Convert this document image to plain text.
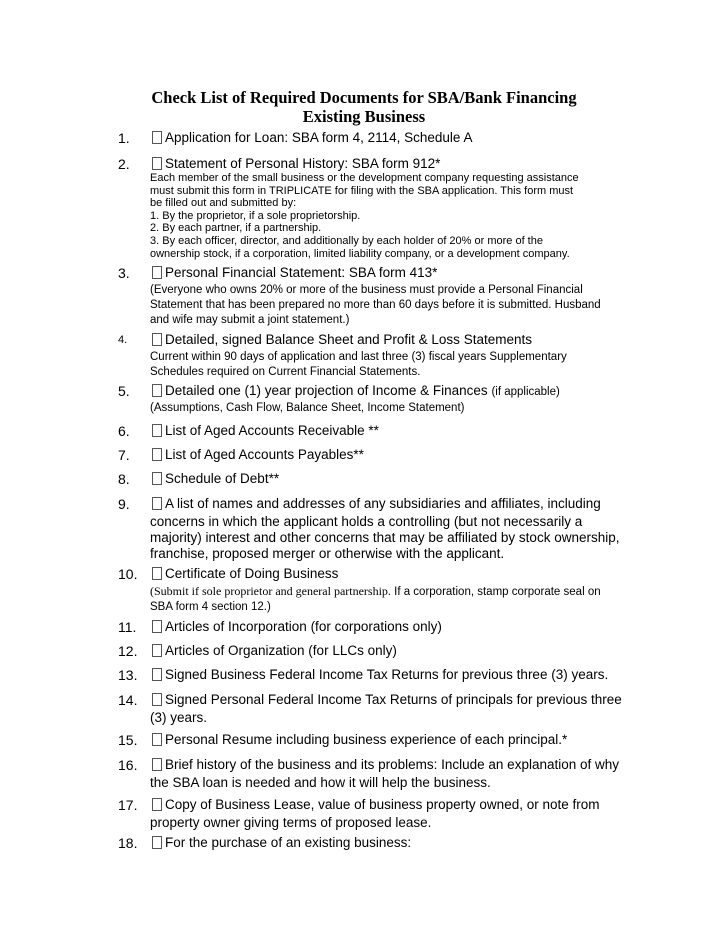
Check List of Required Documents for SBA/Bank Financing
Existing Business
1.	Application for Loan: SBA form 4, 2114, Schedule A
2.	Statement of Personal History: SBA form 912*
Each member of the small business or the development company requesting assistance
must submit this form in TRIPLICATE for filing with the SBA application. This form must
be filled out and submitted by:
1. By the proprietor, if a sole proprietorship.
2. By each partner, if a partnership.
3. By each officer, director, and additionally by each holder of 20% or more of the
ownership stock, if a corporation, limited liability company, or a development company.
3.	Personal Financial Statement: SBA form 413*
(Everyone who owns 20% or more of the business must provide a Personal Financial
Statement that has been prepared no more than 60 days before it is submitted. Husband
and wife may submit a joint statement.)
4.	Detailed, signed Balance Sheet and Profit & Loss Statements
Current within 90 days of application and last three (3) fiscal years Supplementary
Schedules required on Current Financial Statements.
5.	Detailed one (1) year projection of Income & Finances (if applicable)
(Assumptions, Cash Flow, Balance Sheet, Income Statement)
6.	List of Aged Accounts Receivable **
7.	List of Aged Accounts Payables**
8.	Schedule of Debt**
9.	A list of names and addresses of any subsidiaries and affiliates, including
concerns in which the applicant holds a controlling (but not necessarily a
majority) interest and other concerns that may be affiliated by stock ownership,
franchise, proposed merger or otherwise with the applicant.
10. Certificate of Doing Business
(Submit if sole proprietor and general partnership. If a corporation, stamp corporate seal on
SBA form 4 section 12.)
11. Articles of Incorporation (for corporations only)
12. Articles of Organization (for LLCs only)
13. Signed Business Federal Income Tax Returns for previous three (3) years.
14. Signed Personal Federal Income Tax Returns of principals for previous three
(3) years.
15. Personal Resume including business experience of each principal.*
16. Brief history of the business and its problems: Include an explanation of why
the SBA loan is needed and how it will help the business.
17. Copy of Business Lease, value of business property owned, or note from
property owner giving terms of proposed lease.
18. For the purchase of an existing business:
